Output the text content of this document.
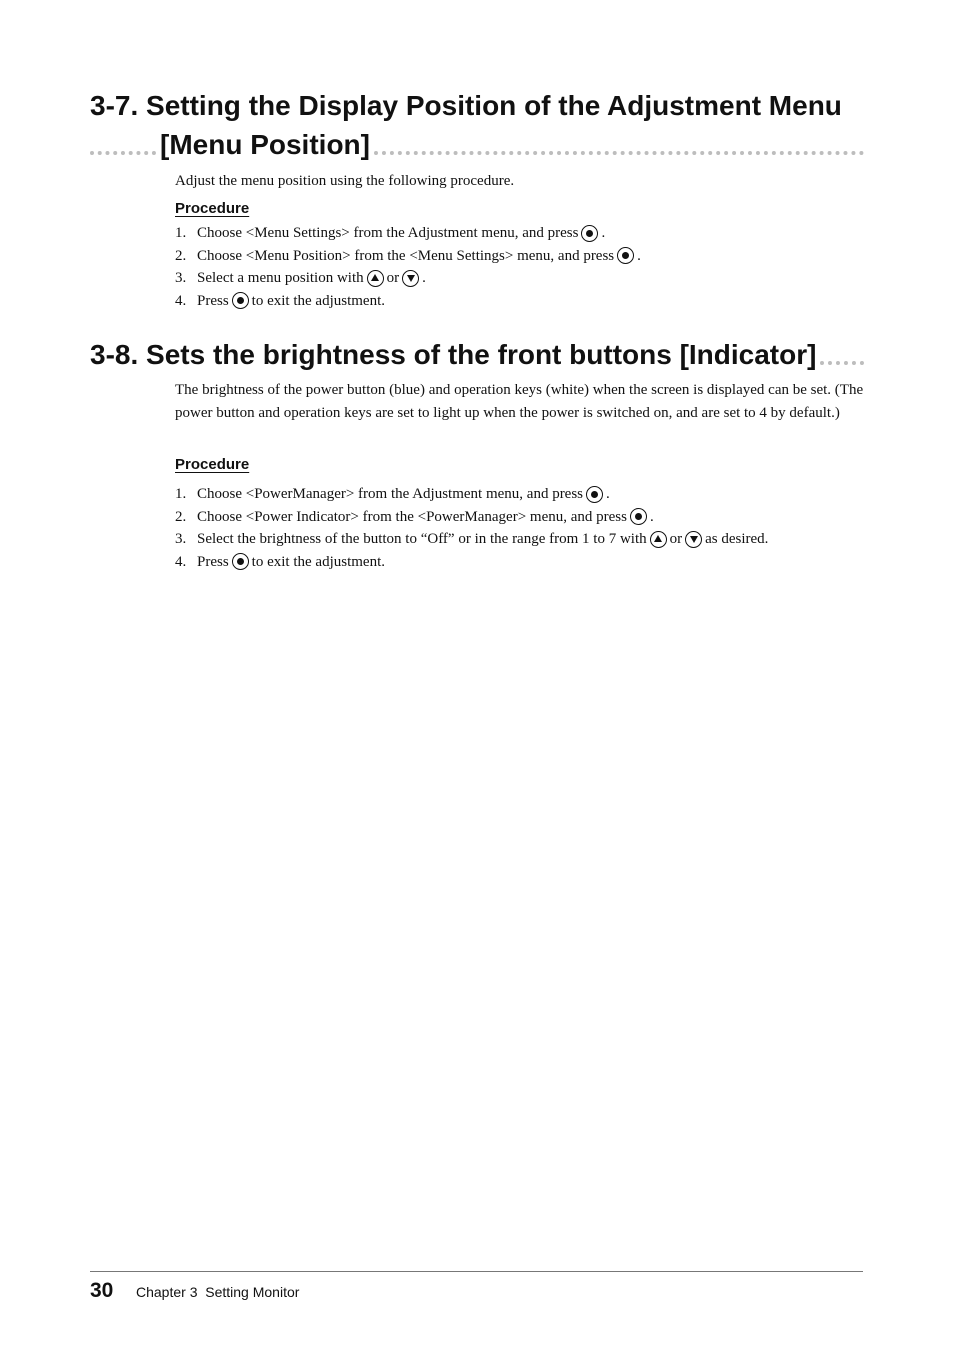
3-7. Setting the Display Position of the Adjustment Menu
[Menu Position]

Adjust the menu position using the following procedure.

Procedure
1. Choose <Menu Settings> from the Adjustment menu, and press .
2. Choose <Menu Position> from the <Menu Settings> menu, and press .
3. Select a menu position with or .
4. Press to exit the adjustment.
3-8. Sets the brightness of the front buttons [Indicator]

The brightness of the power button (blue) and operation keys (white) when the screen is displayed can be set. (The power button and operation keys are set to light up when the power is switched on, and are set to 4 by default.)

Procedure
1. Choose <PowerManager> from the Adjustment menu, and press .
2. Choose <Power Indicator> from the <PowerManager> menu, and press .
3. Select the brightness of the button to “Off” or in the range from 1 to 7 with or as desired.
4. Press to exit the adjustment.
30 Chapter 3  Setting Monitor
